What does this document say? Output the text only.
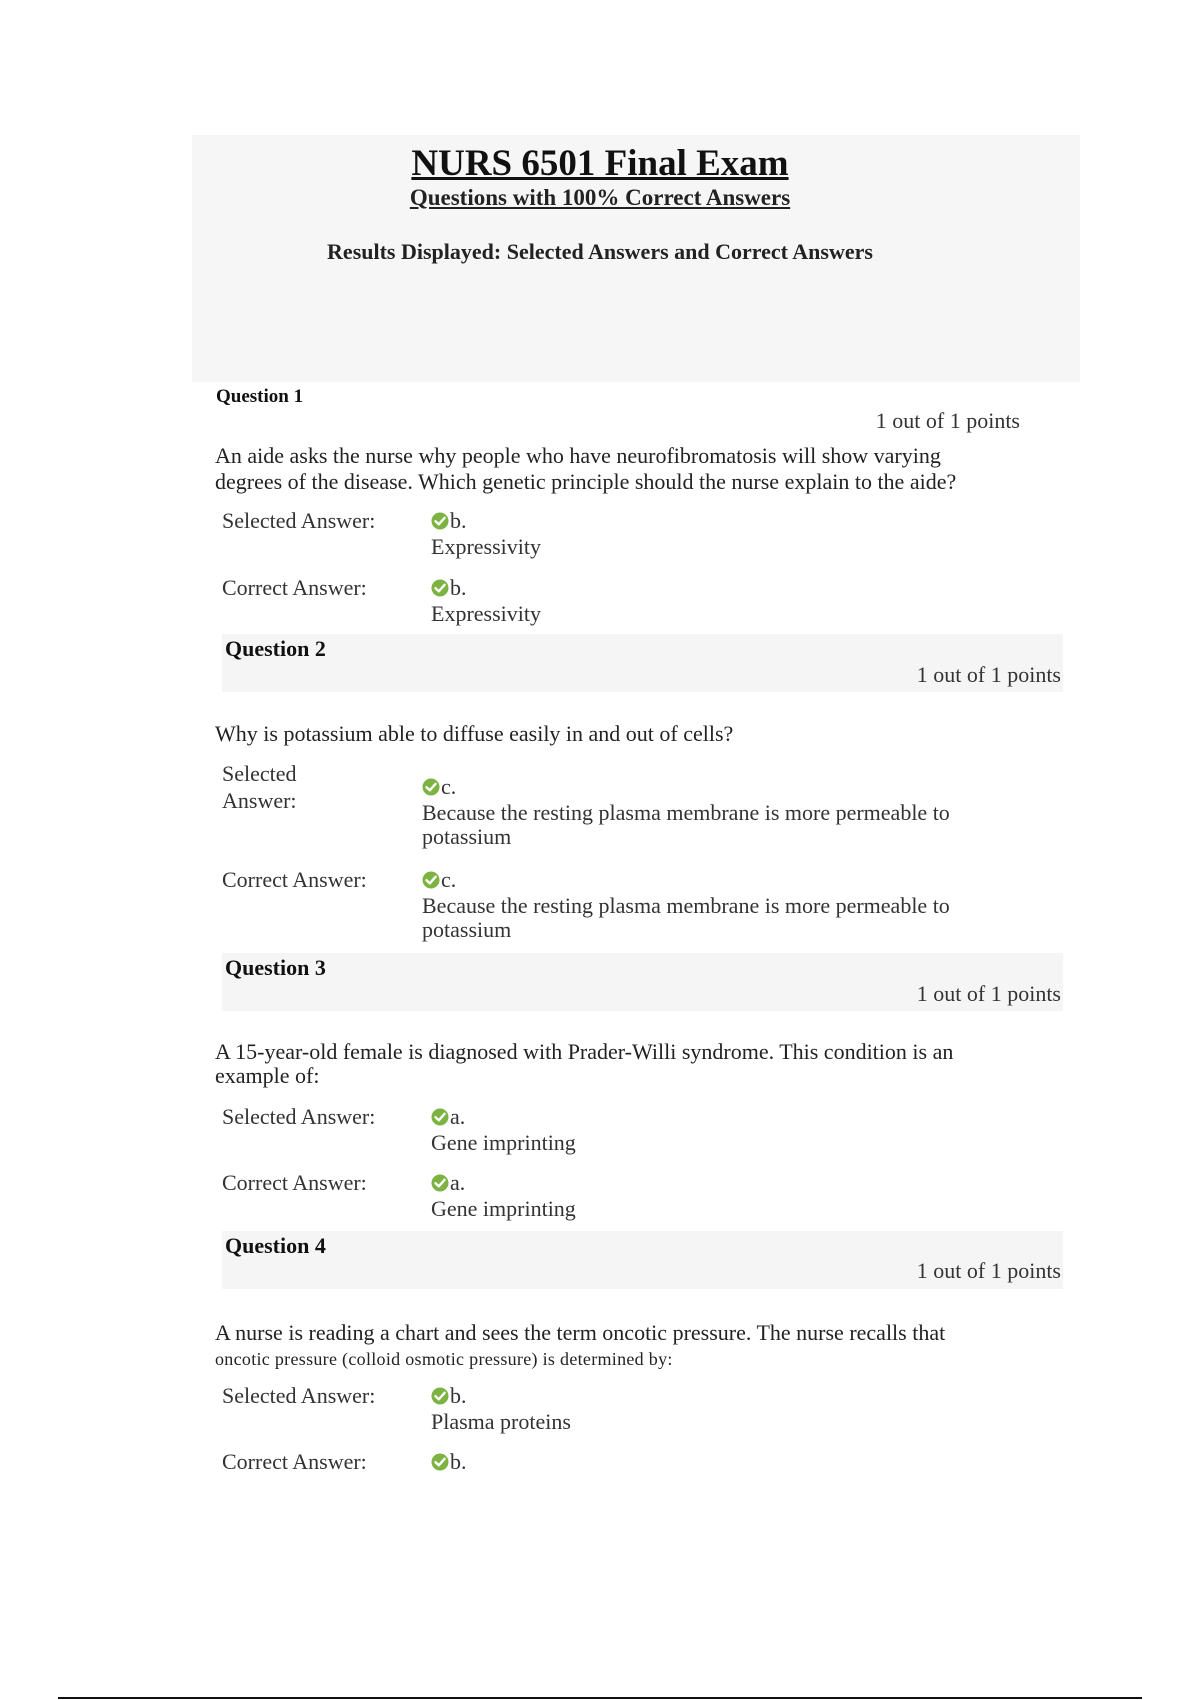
NURS 6501 Final Exam
Questions with 100% Correct Answers
Results Displayed: Selected Answers and Correct Answers
Question 1
1 out of 1 points
An aide asks the nurse why people who have neurofibromatosis will show varying
degrees of the disease. Which genetic principle should the nurse explain to the aide?
Selected Answer:	b.
Expressivity
Correct Answer:	b.
Expressivity
Question 2
1 out of 1 points
Why is potassium able to diffuse easily in and out of cells?
Selected
Answer:
c.
Because the resting plasma membrane is more permeable to
potassium
Correct Answer:	c.
Because the resting plasma membrane is more permeable to
potassium
Question 3
1 out of 1 points
A 15-year-old female is diagnosed with Prader-Willi syndrome. This condition is an
example of:
Selected Answer:	a.
Gene imprinting
Correct Answer:	a.
Gene imprinting
Question 4
1 out of 1 points
A nurse is reading a chart and sees the term oncotic pressure. The nurse recalls that
oncotic pressure (colloid osmotic pressure) is determined by:
Selected Answer:	b.
Plasma proteins
Correct Answer:	b.
